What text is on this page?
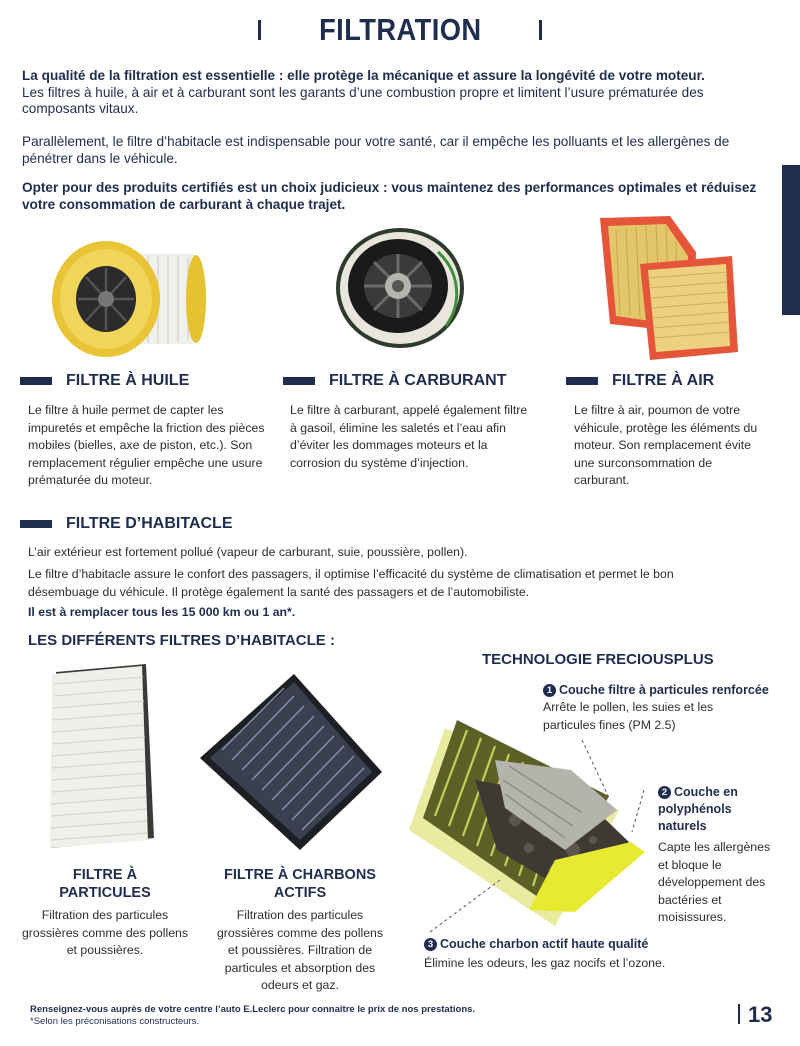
FILTRATION
La qualité de la filtration est essentielle : elle protège la mécanique et assure la longévité de votre moteur.
Les filtres à huile, à air et à carburant sont les garants d’une combustion propre et limitent l’usure prématurée des composants vitaux.
Parallèlement, le filtre d’habitacle est indispensable pour votre santé, car il empêche les polluants et les allergènes de pénétrer dans le véhicule.
Opter pour des produits certifiés est un choix judicieux : vous maintenez des performances optimales et réduisez votre consommation de carburant à chaque trajet.
FILTRE À HUILE	FILTRE À CARBURANT	FILTRE À AIR
Le filtre à huile permet de capter les impuretés et empêche la friction des pièces mobiles (bielles, axe de piston, etc.). Son remplacement régulier empêche une usure prématurée du moteur.
Le filtre à carburant, appelé également filtre à gasoil, élimine les saletés et l’eau afin d’éviter les dommages moteurs et la corrosion du système d’injection.
Le filtre à air, poumon de votre véhicule, protège les éléments du moteur. Son remplacement évite une surconsommation de carburant.
FILTRE D’HABITACLE
L’air extérieur est fortement pollué (vapeur de carburant, suie, poussière, pollen).
Le filtre d’habitacle assure le confort des passagers, il optimise l’efficacité du système de climatisation et permet le bon désembuage du véhicule. Il protège également la santé des passagers et de l’automobiliste.
Il est à remplacer tous les 15 000 km ou 1 an*.
LES DIFFÉRENTS FILTRES D’HABITACLE :
FILTRE À PARTICULES
FILTRE À CHARBONS ACTIFS
Filtration des particules grossières comme des pollens et poussières.
Filtration des particules grossières comme des pollens et poussières. Filtration de particules et absorption des odeurs et gaz.
TECHNOLOGIE FRECIOUSPLUS
1 Couche filtre à particules renforcée
Arrête le pollen, les suies et les particules fines (PM 2.5)
2 Couche en polyphénols naturels
Capte les allergènes et bloque le développement des bactéries et moisissures.
3 Couche charbon actif haute qualité
Élimine les odeurs, les gaz nocifs et l’ozone.
Renseignez-vous auprès de votre centre l’auto E.Leclerc pour connaître le prix de nos prestations.
*Selon les préconisations constructeurs.	13
